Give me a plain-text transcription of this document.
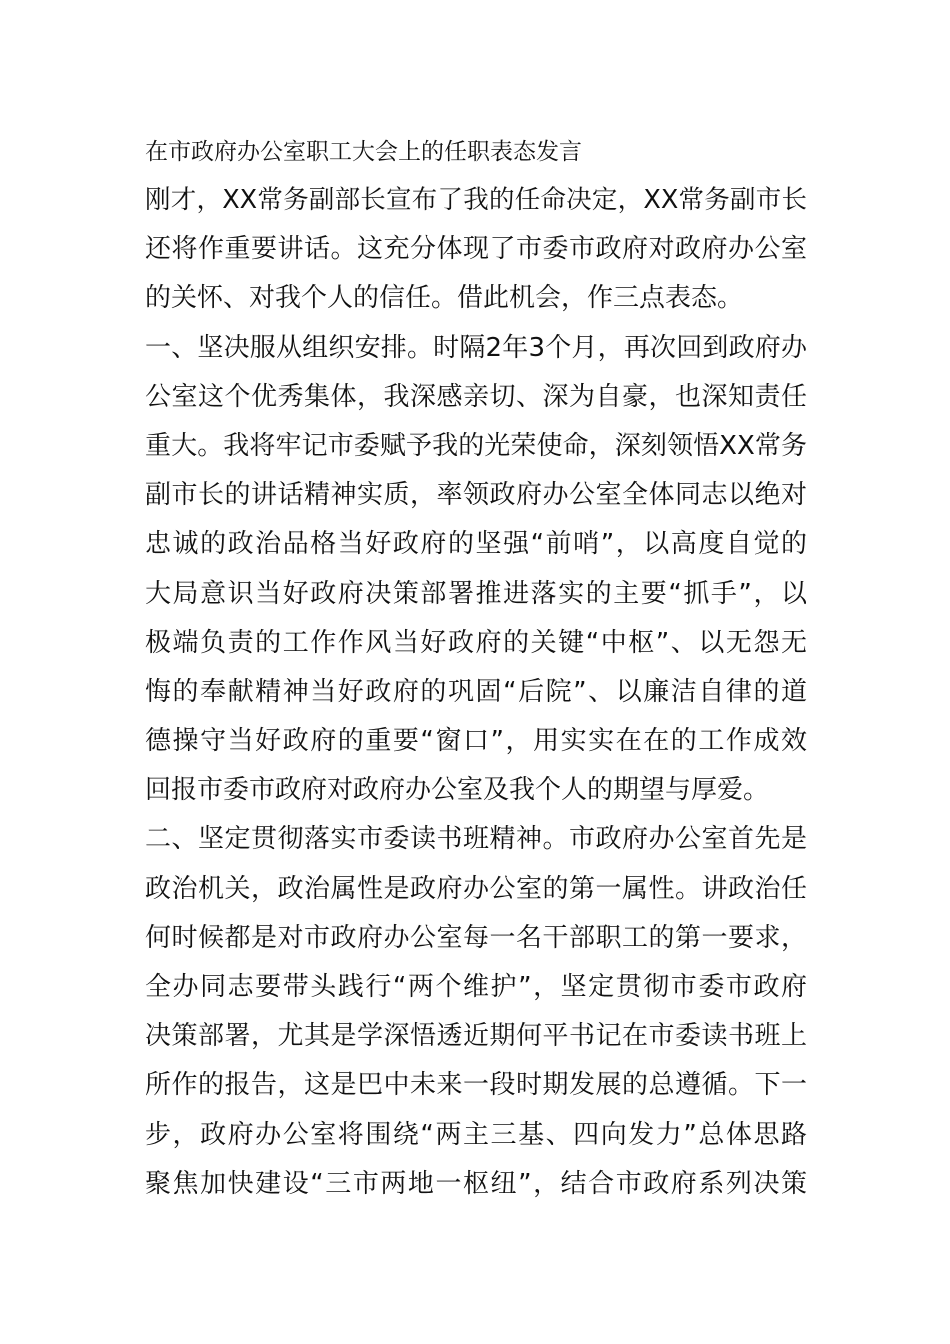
在市政府办公室职工大会上的任职表态发言

刚才，XX常务副部长宣布了我的任命决定，XX常务副市长

还将作重要讲话。这充分体现了市委市政府对政府办公室

的关怀、对我个人的信任。借此机会，作三点表态。

一、坚决服从组织安排。时隔2年3个月，再次回到政府办

公室这个优秀集体，我深感亲切、深为自豪，也深知责任

重大。我将牢记市委赋予我的光荣使命，深刻领悟XX常务

副市长的讲话精神实质，率领政府办公室全体同志以绝对

忠诚的政治品格当好政府的坚强“前哨”，以高度自觉的

大局意识当好政府决策部署推进落实的主要“抓手”，以

极端负责的工作作风当好政府的关键“中枢”、以无怨无

悔的奉献精神当好政府的巩固“后院”、以廉洁自律的道

德操守当好政府的重要“窗口”，用实实在在的工作成效

回报市委市政府对政府办公室及我个人的期望与厚爱。

二、坚定贯彻落实市委读书班精神。市政府办公室首先是

政治机关，政治属性是政府办公室的第一属性。讲政治任

何时候都是对市政府办公室每一名干部职工的第一要求，

全办同志要带头践行“两个维护”，坚定贯彻市委市政府

决策部署，尤其是学深悟透近期何平书记在市委读书班上

所作的报告，这是巴中未来一段时期发展的总遵循。下一

步，政府办公室将围绕“两主三基、四向发力”总体思路

聚焦加快建设“三市两地一枢纽”，结合市政府系列决策
